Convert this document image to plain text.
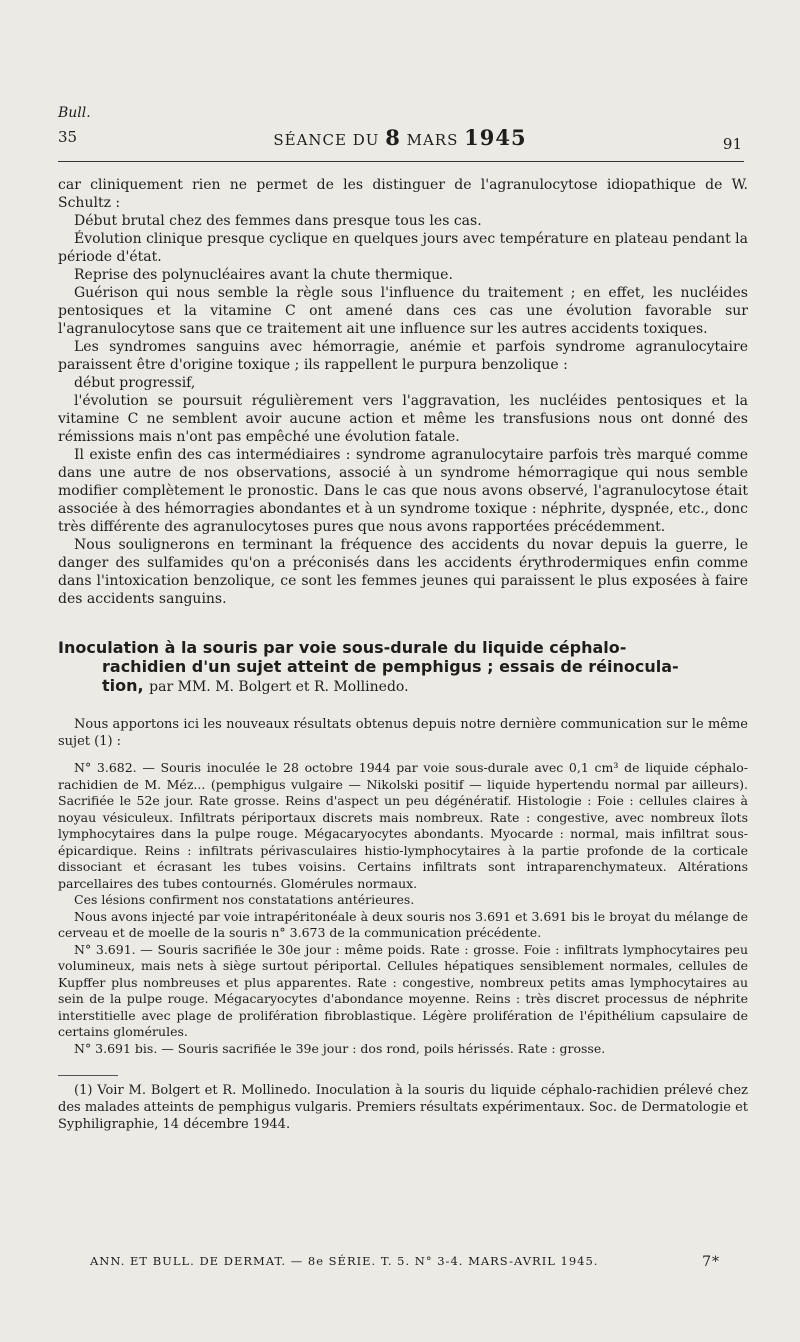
Bull.
35	SÉANCE DU 8 MARS 1945	91

car cliniquement rien ne permet de les distinguer de l'agranulocytose idiopathique de W. Schultz :

Début brutal chez des femmes dans presque tous les cas.

Évolution clinique presque cyclique en quelques jours avec température en plateau pendant la période d'état.

Reprise des polynucléaires avant la chute thermique.

Guérison qui nous semble la règle sous l'influence du traitement ; en effet, les nucléides pentosiques et la vitamine C ont amené dans ces cas une évolution favorable sur l'agranulocytose sans que ce traitement ait une influence sur les autres accidents toxiques.

Les syndromes sanguins avec hémorragie, anémie et parfois syndrome agranulocytaire paraissent être d'origine toxique ; ils rappellent le purpura benzolique :

début progressif,

l'évolution se poursuit régulièrement vers l'aggravation, les nucléides pentosiques et la vitamine C ne semblent avoir aucune action et même les transfusions nous ont donné des rémissions mais n'ont pas empêché une évolution fatale.

Il existe enfin des cas intermédiaires : syndrome agranulocytaire parfois très marqué comme dans une autre de nos observations, associé à un syndrome hémorragique qui nous semble modifier complètement le pronostic. Dans le cas que nous avons observé, l'agranulocytose était associée à des hémorragies abondantes et à un syndrome toxique : néphrite, dyspnée, etc., donc très différente des agranulocytoses pures que nous avons rapportées précédemment.

Nous soulignerons en terminant la fréquence des accidents du novar depuis la guerre, le danger des sulfamides qu'on a préconisés dans les accidents érythrodermiques enfin comme dans l'intoxication benzolique, ce sont les femmes jeunes qui paraissent le plus exposées à faire des accidents sanguins.

Inoculation à la souris par voie sous-durale du liquide céphalo-
rachidien d'un sujet atteint de pemphigus ; essais de réinocula-
tion, par MM. M. Bolgert et R. Mollinedo.

Nous apportons ici les nouveaux résultats obtenus depuis notre dernière communication sur le même sujet (1) :

N° 3.682. — Souris inoculée le 28 octobre 1944 par voie sous-durale avec 0,1 cm³ de liquide céphalo-rachidien de M. Méz... (pemphigus vulgaire — Nikolski positif — liquide hypertendu normal par ailleurs). Sacrifiée le 52e jour. Rate grosse. Reins d'aspect un peu dégénératif. Histologie : Foie : cellules claires à noyau vésiculeux. Infiltrats périportaux discrets mais nombreux. Rate : congestive, avec nombreux îlots lymphocytaires dans la pulpe rouge. Mégacaryocytes abondants. Myocarde : normal, mais infiltrat sous-épicardique. Reins : infiltrats périvasculaires histio-lymphocytaires à la partie profonde de la corticale dissociant et écrasant les tubes voisins. Certains infiltrats sont intraparenchymateux. Altérations parcellaires des tubes contournés. Glomérules normaux.

Ces lésions confirment nos constatations antérieures.

Nous avons injecté par voie intrapéritonéale à deux souris nos 3.691 et 3.691 bis le broyat du mélange de cerveau et de moelle de la souris n° 3.673 de la communication précédente.

N° 3.691. — Souris sacrifiée le 30e jour : même poids. Rate : grosse. Foie : infiltrats lymphocytaires peu volumineux, mais nets à siège surtout périportal. Cellules hépatiques sensiblement normales, cellules de Kupffer plus nombreuses et plus apparentes. Rate : congestive, nombreux petits amas lymphocytaires au sein de la pulpe rouge. Mégacaryocytes d'abondance moyenne. Reins : très discret processus de néphrite interstitielle avec plage de prolifération fibroblastique. Légère prolifération de l'épithélium capsulaire de certains glomérules.

N° 3.691 bis. — Souris sacrifiée le 39e jour : dos rond, poils hérissés. Rate : grosse.

(1) Voir M. Bolgert et R. Mollinedo. Inoculation à la souris du liquide céphalo-rachidien prélevé chez des malades atteints de pemphigus vulgaris. Premiers résultats expérimentaux. Soc. de Dermatologie et Syphiligraphie, 14 décembre 1944.

ANN. ET BULL. DE DERMAT. — 8e SÉRIE. T. 5. N° 3-4. MARS-AVRIL 1945.	7*
